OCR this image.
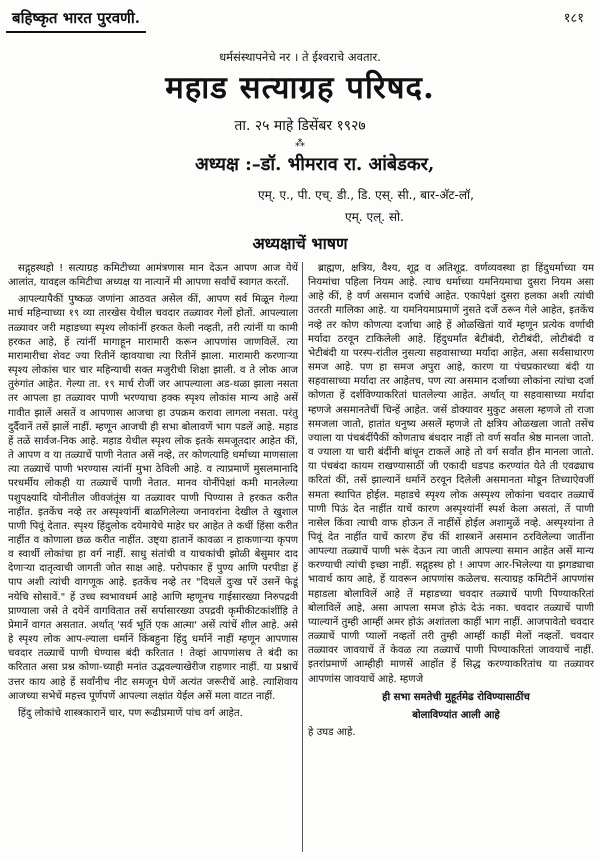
बहिष्कृत भारत पुरवणी.	१८१
धर्मसंस्थापनेचे नर । ते ईश्वराचे अवतार.
महाड सत्याग्रह परिषद.
ता. २५ माहे डिसेंबर १९२७
⁂
अध्यक्ष :–डॉ. भीमराव रा. आंबेडकर,
एम्. ए., पी. एच्. डी., डि. एस्. सी., बार-अ‍ॅट-लॉ,
एम्. एल्. सो.
अध्यक्षाचें भाषण

सद्गृहस्थहो ! सत्याग्रह कमिटीच्या आमंत्रणास मान देऊन आपण आज येथें आलांत, यावद्दल कमिटीचा अध्यक्ष या नात्यानें मी आपणा सर्वांचें स्वागत करतों.

आपल्यापैकीं पुष्कळ जणांना आठवत असेल कीं, आपण सर्व मिळून गेल्या मार्च महिन्याच्या १९ व्या तारखेस येथील चवदार तळ्यावर गेलों होतों. आपल्याला तळ्यावर जरी महाडच्या स्पृश्य लोकांनीं हरकत केली नव्हती, तरी त्यांनीं या कामी हरकत आहे, हें त्यांनीं मागाहून मारामारी करून आपणांस जाणविलें. त्या मारामारीचा शेवट ज्या रितीनें व्हावयाचा त्या रितीनें झाला. मारामारी करणाऱ्या स्पृश्य लोकांस चार चार महिन्याची सक्त मजुरीची शिक्षा झाली. व ते लोक आज तुरुंगांत आहेत. गेल्या ता. १९ मार्च रोजीं जर आपल्याला अड-थळा झाला नसता तर आपला हा तळ्यावर पाणी भरण्याचा हक्क स्पृश्य लोकांस मान्य आहे असें गावीत झालें असतें व आपणास आजचा हा उपक्रम करावा लागला नसता. परंतु दुर्दैवानें तसें झालें नाहीं. म्हणून आजची ही सभा बोलावणें भाग पडलें आहे. महाड हें तळें सार्वज-निक आहे. महाड येथील स्पृश्य लोक इतके समजूतदार आहेत कीं, ते आपण व या तळ्याचें पाणी नेतात असें नव्हे, तर कोणत्याहि धर्माच्या माणसाला त्या तळ्याचें पाणी भरण्यास त्यांनीं मुभा ठेविली आहे. व त्याप्रमाणें मुसलमानादि परधर्मीय लोकही या तळ्याचें पाणी नेतात. मानव योनींपेक्षां कमी मानलेल्या पशुपक्ष्यादि योनीतील जीवजंतूंस या तळ्यावर पाणी पिण्यास ते हरकत करीत नाहींत. इतकेंच नव्हे तर अस्पृश्यांनीं बाळगिलेल्या जनावरांना देखील ते खुशाल पाणी पिवूं देतात. स्पृश्य हिंदुलोक दयेमायेचे माहेर घर आहेत ते कधीं हिंसा करीत नाहींत व कोणाला छळ करीत नाहींत. उष्ट्या हातानें कावळा न हाकणाऱ्या कृपण व स्वार्थी लोकांचा हा वर्ग नाहीं. साधु संतांची व याचकांची झोळी बेसुमार दाद देणाऱ्या दातृत्वाची जागती जोत साक्ष आहे. परोपकार हें पुण्य आणि परपीडा हें पाप अशी त्यांची वागणूक आहे. इतकेंच नव्हे तर "दिधलें दुःख परें उसनें फेडूं नयेचि सोसावें." हें उच्च स्वभावधर्म आहे आणि म्हणूनच गाईसारख्या निरुपद्रवी प्राण्याला जसे ते दयेनें वागवितात तसें सर्पासारख्या उपद्रवी कृमीकीटकांशींहि ते प्रेमानें वागत असतात. अर्थात् 'सर्व भूतिं एक आत्मा' असें त्यांचें शील आहे. असे हे स्पृश्य लोक आप-ल्याला धर्मानें किंबहुना हिंदु धर्मानें नाहीं म्हणून आपणास चवदार तळ्याचें पाणी घेण्यास बंदी करितात ! तेव्हां आपणांसच ते बंदी का करितात असा प्रश्न कोणा-च्याही मनांत उद्भवल्याखेरीज राहणार नाहीं. या प्रश्नाचें उत्तर काय आहे हें सर्वांनीच नीट समजून घेणें अत्यंत जरूरीचें आहे. त्याशिवाय आजच्या सभेचें महत्त्व पूर्णपणें आपल्या लक्षांत येईल असें मला वाटत नाहीं.

हिंदु लोकांचे शास्त्रकारानें चार, पण रूढीप्रमाणें पांच वर्ग आहेत.

ब्राह्मण, क्षत्रिय, वैश्य, शूद्र व अतिशूद्र. वर्णव्यवस्था हा हिंदुधर्माच्या यम नियमांचा पहिला नियम आहे. त्याच धर्माच्या यमनियमाचा दुसरा नियम असा आहे कीं, हे वर्ण असमान दर्जाचे आहेत. एकापेक्षां दुसरा हलका अशी त्यांची उतरती मालिका आहे. या यमनियमाप्रमाणें नुसते दर्जे ठरून गेले आहेत, इतकेंच नव्हे तर कोण कोणत्या दर्जाचा आहे हें ओळखितां यावें म्हणून प्रत्येक वर्णाची मर्यादा ठरवून टाकिलेली आहे. हिंदुधर्मांत बेटीबंदी, रोटीबंदी, लोटीबंदी व भेटीबंदी या परस्प-रांतील नुसत्या सहवासाच्या मर्यादा आहेत, असा सर्वसाधारण समज आहे. पण हा समज अपुरा आहे, कारण या पंचप्रकारच्या बंदी या सहवासाच्या मर्यादा तर आहेतच, पण त्या असमान दर्जाच्या लोकांना त्यांचा दर्जा कोणता हें दर्शविण्याकरितां घातलेल्या आहेत. अर्थात् या सहवासाच्या मर्यादा म्हणजे असमानतेचीं चिन्हें आहेत. जसें डोक्यावर मुकुट असला म्हणजे तो राजा समजला जातो, हातांत धनुष्य असलें म्हणजे तो क्षत्रिय ओळखला जातो तसेंच ज्याला या पंचबंदींपैकीं कोणताच बंधदार नाहीं तो वर्ण सर्वांत श्रेष्ठ मानला जातो. व ज्याला या चारी बंदींनी बांधून टाकलें आहे तो वर्ग सर्वांत हीन मानला जातो. या पंचबंदा कायम राखण्यासाठीं जी एकादी धडपड करण्यांत येते ती एवढ्याच करितां कीं, तसें झाल्यानें धर्मानें ठरवून दिलेली असमानता मोडून तिच्याऐवजीं समता स्थापित होईल. महाडचे स्पृश्य लोक अस्पृश्य लोकांना चवदार तळ्याचें पाणी पिऊं देत नाहींत याचें कारण अस्पृश्यांनीं स्पर्श केला असतां, तें पाणी नासेल किंवा त्याची वाफ होऊन तें नाहींसें होईल अशामुळें नव्हे. अस्पृश्यांना ते पिवूं देत नाहींत याचें कारण हेंच कीं शास्त्रानें असमान ठरविलेल्या जातींना आपल्या तळ्याचें पाणी भरूं देऊन त्या जाती आपल्या समान आहेत असें मान्य करण्याची त्यांची इच्छा नाहीं. सद्गृहस्थ हो ! आपण आर-भिलेल्या या झगड्याचा भावार्थ काय आहे, हें यावरून आपणांस कळेलच. सत्याग्रह कमिटीनें आपणांस महाडला बोलाविलें आहे तें महाडच्या चवदार तळ्याचें पाणी पिण्याकरितां बोलाविलें आहे, असा आपला समज होऊं देऊं नका. चवदार तळ्याचें पाणी प्याल्यानें तुम्ही आम्हीं अमर होऊं अशांतला काहीं भाग नाहीं. आजपावेतो चवदार तळ्याचें पाणी प्यालों नव्हतों तरी तुम्ही आम्हीं काहीं मेलों नव्हतों. चवदार तळ्यावर जावयाचें तें केवळ त्या तळ्याचें पाणी पिण्याकरितां जावयाचें नाहीं. इतरांप्रमाणें आम्हीही माणसें आहोंत हें सिद्ध करण्याकरितांच या तळ्यावर आपणांस जावयाचें आहे. म्हणजे

ही सभा समतेची मुहूर्तमेढ रोविण्यासाठींच

बोलाविण्यांत आली आहे

हे उघड आहे.
